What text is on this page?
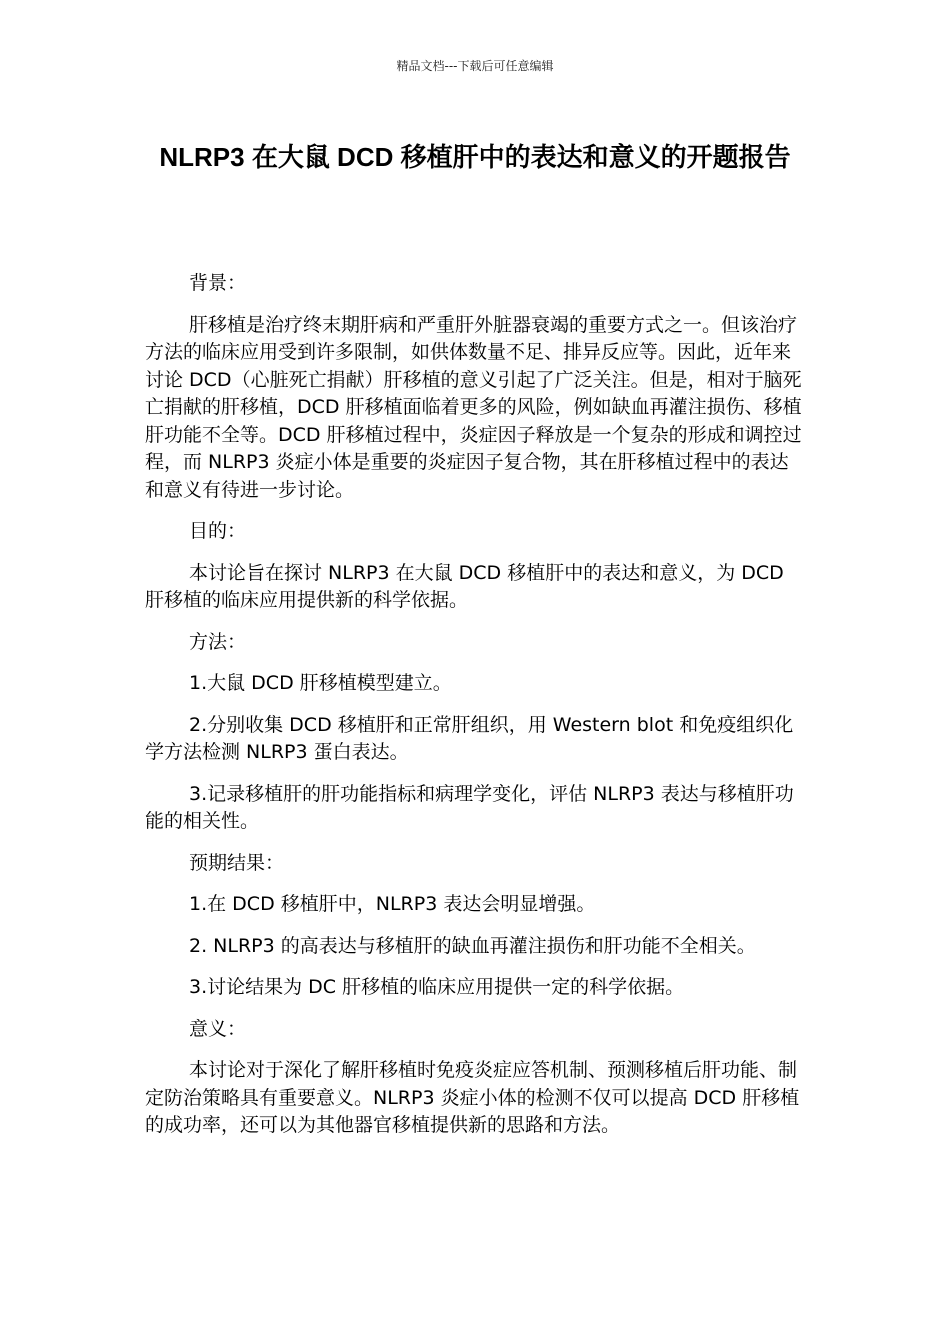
精品文档---下载后可任意编辑
NLRP3 在大鼠 DCD 移植肝中的表达和意义的开题报告

背景：

肝移植是治疗终末期肝病和严重肝外脏器衰竭的重要方式之一。但该治疗方法的临床应用受到许多限制，如供体数量不足、排异反应等。因此，近年来讨论 DCD（心脏死亡捐献）肝移植的意义引起了广泛关注。但是，相对于脑死亡捐献的肝移植，DCD 肝移植面临着更多的风险，例如缺血再灌注损伤、移植肝功能不全等。DCD 肝移植过程中，炎症因子释放是一个复杂的形成和调控过程，而 NLRP3 炎症小体是重要的炎症因子复合物，其在肝移植过程中的表达和意义有待进一步讨论。

目的：

本讨论旨在探讨 NLRP3 在大鼠 DCD 移植肝中的表达和意义，为 DCD 肝移植的临床应用提供新的科学依据。

方法：

1.大鼠 DCD 肝移植模型建立。

2.分别收集 DCD 移植肝和正常肝组织，用 Western blot 和免疫组织化学方法检测 NLRP3 蛋白表达。

3.记录移植肝的肝功能指标和病理学变化，评估 NLRP3 表达与移植肝功能的相关性。

预期结果：

1.在 DCD 移植肝中，NLRP3 表达会明显增强。

2. NLRP3 的高表达与移植肝的缺血再灌注损伤和肝功能不全相关。

3.讨论结果为 DC 肝移植的临床应用提供一定的科学依据。

意义：

本讨论对于深化了解肝移植时免疫炎症应答机制、预测移植后肝功能、制定防治策略具有重要意义。NLRP3 炎症小体的检测不仅可以提高 DCD 肝移植的成功率，还可以为其他器官移植提供新的思路和方法。
